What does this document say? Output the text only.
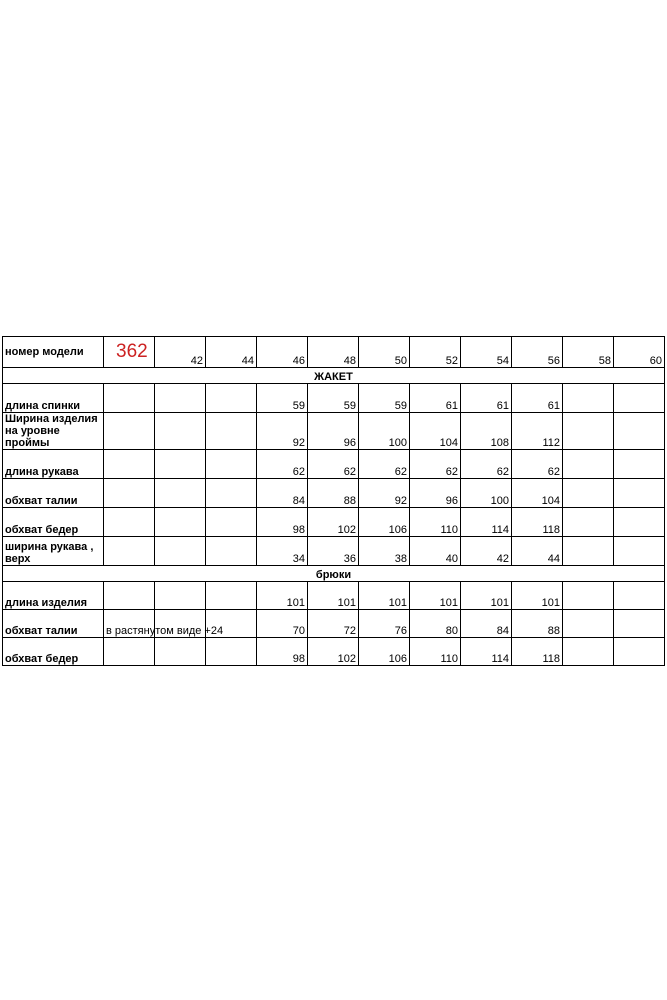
номер модели	362	42	44	46	48	50	52	54	56	58	60
ЖАКЕТ											
длина спинки				59	59	59	61	61	61		
Ширина изделия на уровне проймы				92	96	100	104	108	112		
длина рукава				62	62	62	62	62	62		
обхват талии				84	88	92	96	100	104		
обхват бедер				98	102	106	110	114	118		
ширина рукава , верх				34	36	38	40	42	44		
брюки											
длина изделия				101	101	101	101	101	101		
обхват талии	в растянутом виде +24			70	72	76	80	84	88		
обхват бедер				98	102	106	110	114	118		
